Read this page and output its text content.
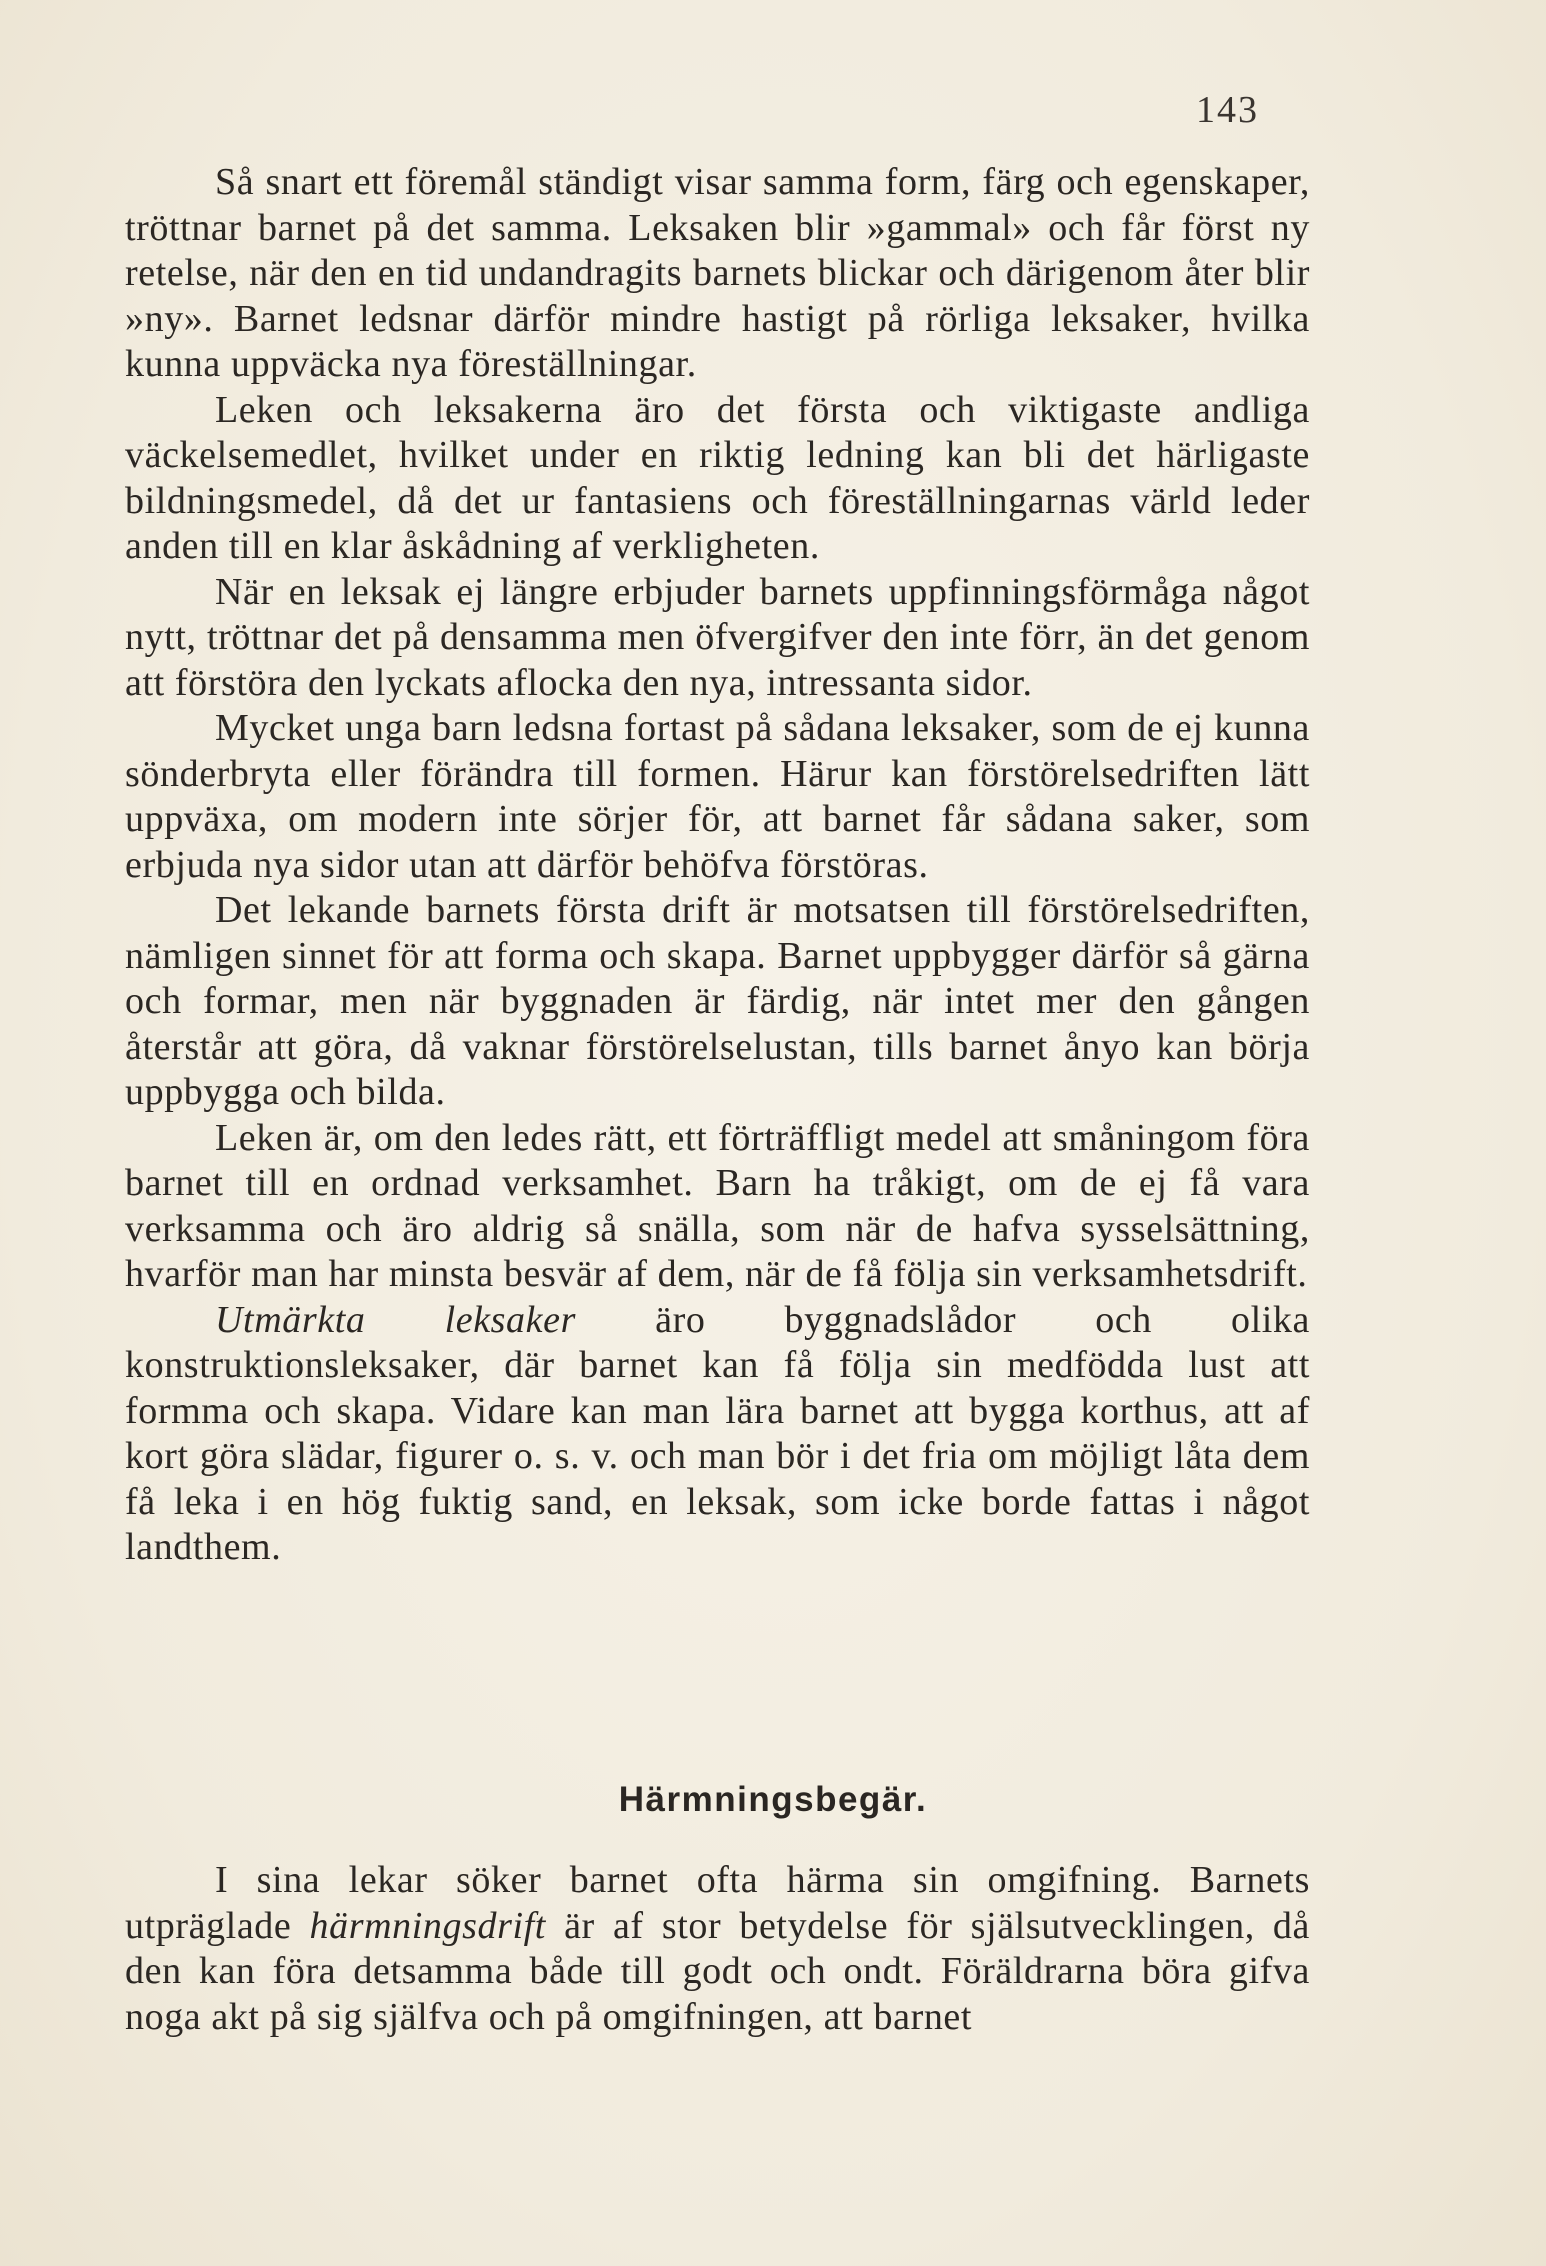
143

Så snart ett föremål ständigt visar samma form, färg och egenskaper, tröttnar barnet på det samma. Leksaken blir »gammal» och får först ny retelse, när den en tid undandragits barnets blickar och därigenom åter blir »ny». Barnet ledsnar därför mindre hastigt på rörliga leksaker, hvilka kunna uppväcka nya föreställningar.

Leken och leksakerna äro det första och viktigaste andliga väckelsemedlet, hvilket under en riktig ledning kan bli det härligaste bildningsmedel, då det ur fantasiens och föreställningarnas värld leder anden till en klar åskådning af verkligheten.

När en leksak ej längre erbjuder barnets uppfinningsförmåga något nytt, tröttnar det på densamma men öfvergifver den inte förr, än det genom att förstöra den lyckats aflocka den nya, intressanta sidor.

Mycket unga barn ledsna fortast på sådana leksaker, som de ej kunna sönderbryta eller förändra till formen. Härur kan förstörelsedriften lätt uppväxa, om modern inte sörjer för, att barnet får sådana saker, som erbjuda nya sidor utan att därför behöfva förstöras.

Det lekande barnets första drift är motsatsen till förstörelsedriften, nämligen sinnet för att forma och skapa. Barnet uppbygger därför så gärna och formar, men när byggnaden är färdig, när intet mer den gången återstår att göra, då vaknar förstörelselustan, tills barnet ånyo kan börja uppbygga och bilda.

Leken är, om den ledes rätt, ett förträffligt medel att småningom föra barnet till en ordnad verksamhet. Barn ha tråkigt, om de ej få vara verksamma och äro aldrig så snälla, som när de hafva sysselsättning, hvarför man har minsta besvär af dem, när de få följa sin verksamhetsdrift.

Utmärkta leksaker äro byggnadslådor och olika konstruktionsleksaker, där barnet kan få följa sin medfödda lust att formma och skapa. Vidare kan man lära barnet att bygga korthus, att af kort göra slädar, figurer o. s. v. och man bör i det fria om möjligt låta dem få leka i en hög fuktig sand, en leksak, som icke borde fattas i något landthem.

Härmningsbegär.

I sina lekar söker barnet ofta härma sin omgifning. Barnets utpräglade härmningsdrift är af stor betydelse för själsutvecklingen, då den kan föra detsamma både till godt och ondt. Föräldrarna böra gifva noga akt på sig själfva och på omgifningen, att barnet
